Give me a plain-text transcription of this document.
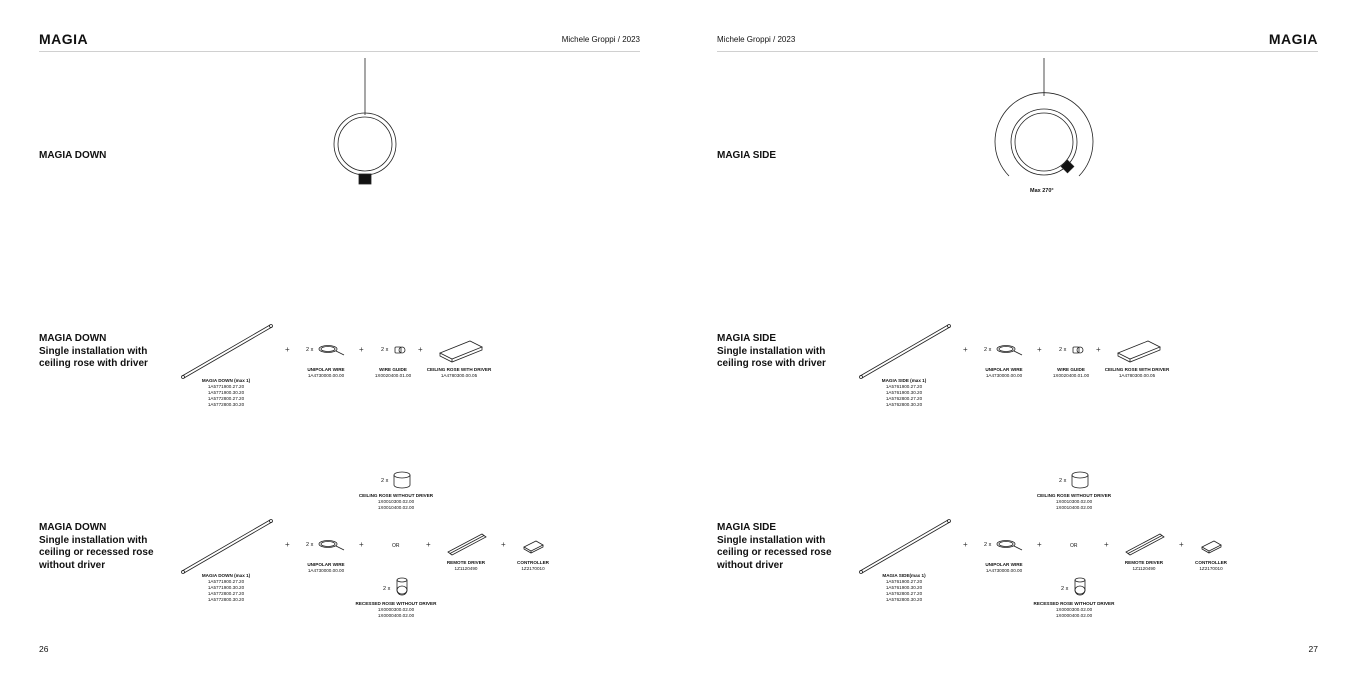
MAGIA	Michele Groppi / 2023
MAGIA DOWN
MAGIA DOWN
Single installation with
ceiling rose with driver
MAGIA DOWN (max 1)
1A5771900.27.20
1A5771900.30.20
1A5772800.27.20
1A5772800.30.20
+	2 x
UNIPOLAR WIRE
1A4730000.00.00
+	2 x
WIRE GUIDE
1X0020400.01.00
+
CEILING ROSE WITH DRIVER
1A4780300.00.05
MAGIA DOWN
Single installation with
ceiling or recessed rose
without driver
MAGIA DOWN (max 1)
1A5771900.27.20
1A5771900.30.20
1A5772800.27.20
1A5772800.30.20
+	2 x
UNIPOLAR WIRE
1A4730000.00.00
+
2 x
CEILING ROSE WITHOUT DRIVER
1X0010300.02.00
1X0010400.02.00
OR
2 x
RECESSED ROSE WITHOUT DRIVER
1X0000300.02.00
1X0000400.02.00
+
REMOTE DRIVER
1Z1120490
+
CONTROLLER
1Z2170010
26
Michele Groppi / 2023	MAGIA
MAGIA SIDE
Max 270°
MAGIA SIDE
Single installation with
ceiling rose with driver
MAGIA SIDE (max 1)
1A5761900.27.20
1A5761900.30.20
1A5762800.27.20
1A5762800.30.20
+	2 x
UNIPOLAR WIRE
1A4730000.00.00
+	2 x
WIRE GUIDE
1X0020400.01.00
+
CEILING ROSE WITH DRIVER
1A4780300.00.05
MAGIA SIDE
Single installation with
ceiling or recessed rose
without driver
MAGIA SIDE(max 1)
1A5761900.27.20
1A5761900.30.20
1A5762800.27.20
1A5762800.30.20
+	2 x
UNIPOLAR WIRE
1A4730000.00.00
+
2 x
CEILING ROSE WITHOUT DRIVER
1X0010300.02.00
1X0010400.02.00
OR
2 x
RECESSED ROSE WITHOUT DRIVER
1X0000300.02.00
1X0000400.02.00
+
REMOTE DRIVER
1Z1120490
+
CONTROLLER
1Z2170010
27
